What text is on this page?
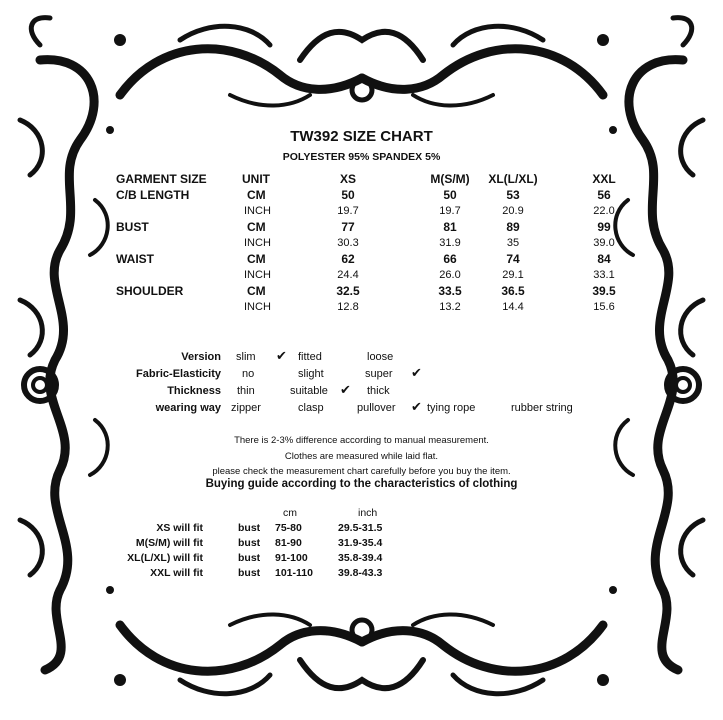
TW392 SIZE CHART
POLYESTER 95% SPANDEX 5%
GARMENT SIZE	UNIT	XS	M(S/M)	XL(L/XL)	XXL
C/B LENGTH	CM	50	50	53	56
INCH	19.7	19.7	20.9	22.0
BUST	CM	77	81	89	99
INCH	30.3	31.9	35	39.0
WAIST	CM	62	66	74	84
INCH	24.4	26.0	29.1	33.1
SHOULDER	CM	32.5	33.5	36.5	39.5
INCH	12.8	13.2	14.4	15.6
Version slim ✔ fitted	loose
Fabric-Elasticity no	slight	super ✔
Thickness thin	suitable ✔ thick
wearing way zipper	clasp	pullover ✔ tying rope	rubber string
There is 2-3% difference according to manual measurement.
Clothes are measured while laid flat.
please check the measurement chart carefully before you buy the item.
Buying guide according to the characteristics of clothing
cm	inch
XS will fit	bust 75-80	29.5-31.5
M(S/M) will fit	bust 81-90	31.9-35.4
XL(L/XL) will fit	bust 91-100	35.8-39.4
XXL will fit	bust 101-110 39.8-43.3
